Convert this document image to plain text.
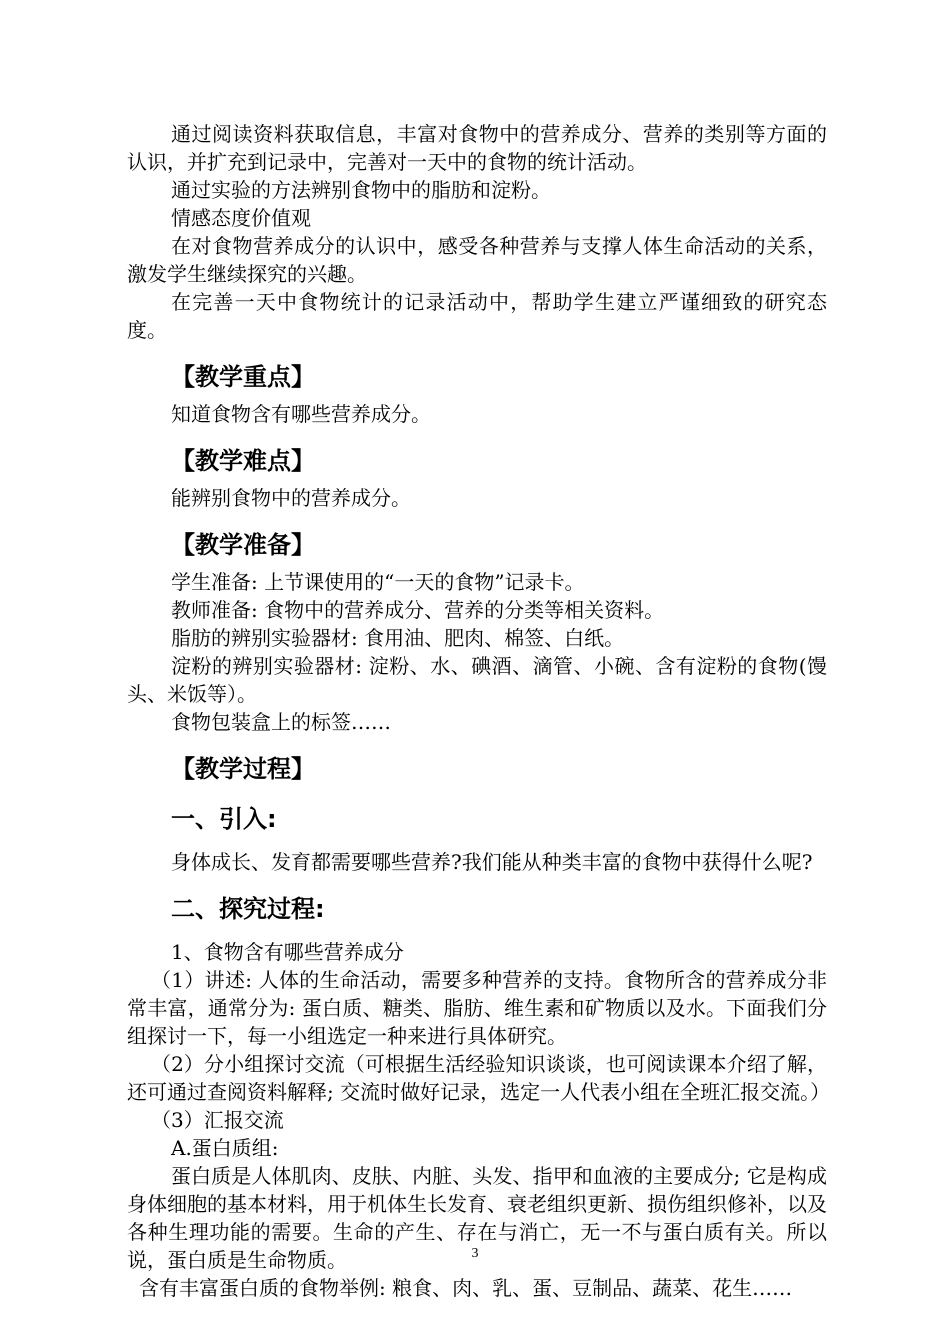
通过阅读资料获取信息，丰富对食物中的营养成分、营养的类别等方面的认识，并扩充到记录中，完善对一天中的食物的统计活动。

通过实验的方法辨别食物中的脂肪和淀粉。

情感态度价值观

在对食物营养成分的认识中，感受各种营养与支撑人体生命活动的关系，激发学生继续探究的兴趣。

在完善一天中食物统计的记录活动中，帮助学生建立严谨细致的研究态度。

【教学重点】

知道食物含有哪些营养成分。

【教学难点】

能辨别食物中的营养成分。

【教学准备】

学生准备: 上节课使用的“一天的食物”记录卡。

教师准备: 食物中的营养成分、营养的分类等相关资料。

脂肪的辨别实验器材: 食用油、肥肉、棉签、白纸。

淀粉的辨别实验器材: 淀粉、水、碘酒、滴管、小碗、含有淀粉的食物(馒头、米饭等）。

食物包装盒上的标签……

【教学过程】
一、引入:

身体成长、发育都需要哪些营养?我们能从种类丰富的食物中获得什么呢?

二、探究过程:

1、食物含有哪些营养成分

（1）讲述: 人体的生命活动，需要多种营养的支持。食物所含的营养成分非常丰富，通常分为: 蛋白质、糖类、脂肪、维生素和矿物质以及水。下面我们分组探讨一下，每一小组选定一种来进行具体研究。

（2）分小组探讨交流（可根据生活经验知识谈谈，也可阅读课本介绍了解，还可通过查阅资料解释; 交流时做好记录，选定一人代表小组在全班汇报交流。）

（3）汇报交流

A.蛋白质组:

蛋白质是人体肌肉、皮肤、内脏、头发、指甲和血液的主要成分; 它是构成身体细胞的基本材料，用于机体生长发育、衰老组织更新、损伤组织修补，以及各种生理功能的需要。生命的产生、存在与消亡，无一不与蛋白质有关。所以说，蛋白质是生命物质。

含有丰富蛋白质的食物举例: 粮食、肉、乳、蛋、豆制品、蔬菜、花生……

3
